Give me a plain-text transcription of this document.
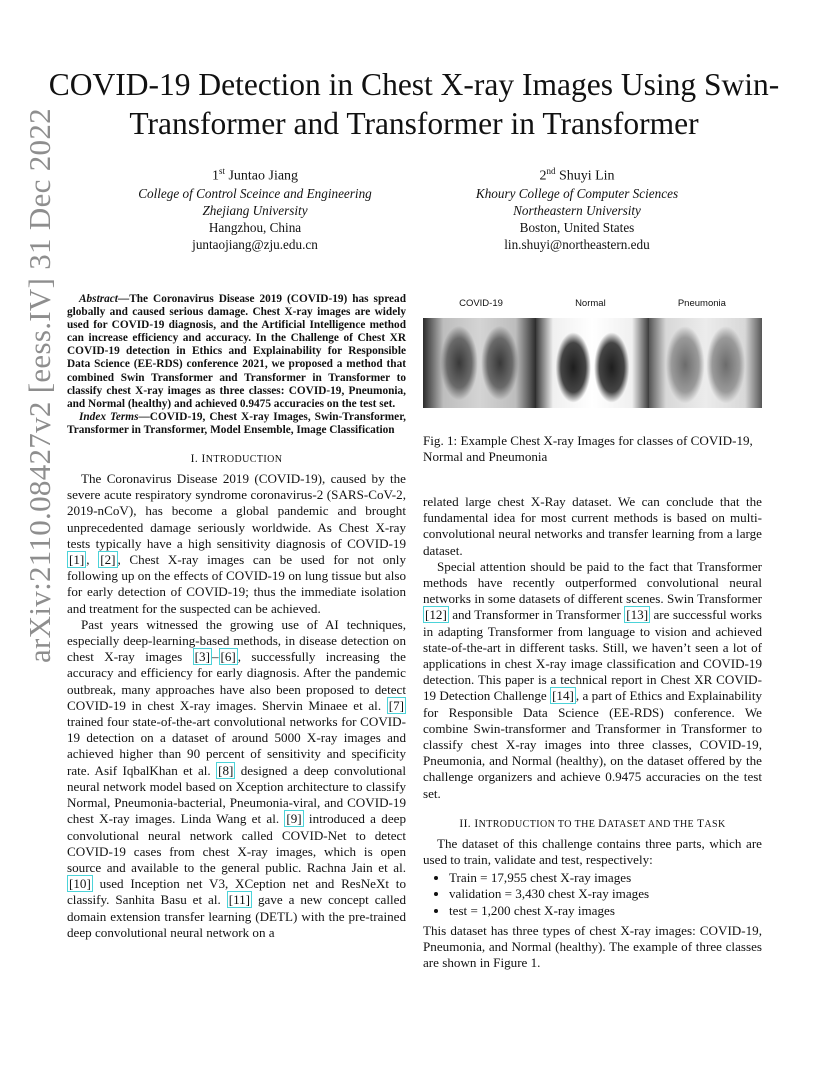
arXiv:2110.08427v2 [eess.IV] 31 Dec 2022
COVID-19 Detection in Chest X-ray Images Using Swin-Transformer and Transformer in Transformer
1st Juntao Jiang
College of Control Sceince and Engineering
Zhejiang University
Hangzhou, China
juntaojiang@zju.edu.cn
2nd Shuyi Lin
Khoury College of Computer Sciences
Northeastern University
Boston, United States
lin.shuyi@northeastern.edu

Abstract—The Coronavirus Disease 2019 (COVID-19) has spread globally and caused serious damage. Chest X-ray images are widely used for COVID-19 diagnosis, and the Artificial Intelligence method can increase efficiency and accuracy. In the Challenge of Chest XR COVID-19 detection in Ethics and Explainability for Responsible Data Science (EE-RDS) conference 2021, we proposed a method that combined Swin Transformer and Transformer in Transformer to classify chest X-ray images as three classes: COVID-19, Pneumonia, and Normal (healthy) and achieved 0.9475 accuracies on the test set.

Index Terms—COVID-19, Chest X-ray Images, Swin-Transformer, Transformer in Transformer, Model Ensemble, Image Classification

I. INTRODUCTION

The Coronavirus Disease 2019 (COVID-19), caused by the severe acute respiratory syndrome coronavirus-2 (SARS-CoV-2, 2019-nCoV), has become a global pandemic and brought unprecedented damage seriously worldwide. As Chest X-ray tests typically have a high sensitivity diagnosis of COVID-19 [1] , [2] , Chest X-ray images can be used for not only following up on the effects of COVID-19 on lung tissue but also for early detection of COVID-19; thus the immediate isolation and treatment for the suspected can be achieved.

Past years witnessed the growing use of AI techniques, especially deep-learning-based methods, in disease detection on chest X-ray images [3] – [6] , successfully increasing the accuracy and efficiency for early diagnosis. After the pandemic outbreak, many approaches have also been proposed to detect COVID-19 in chest X-ray images. Shervin Minaee et al. [7] trained four state-of-the-art convolutional networks for COVID-19 detection on a dataset of around 5000 X-ray images and achieved higher than 90 percent of sensitivity and specificity rate. Asif IqbalKhan et al. [8] designed a deep convolutional neural network model based on Xception architecture to classify Normal, Pneumonia-bacterial, Pneumonia-viral, and COVID-19 chest X-ray images. Linda Wang et al. [9] introduced a deep convolutional neural network called COVID-Net to detect COVID-19 cases from chest X-ray images, which is open source and available to the general public. Rachna Jain et al. [10] used Inception net V3, XCeption net and ResNeXt to classify. Sanhita Basu et al. [11] gave a new concept called domain extension transfer learning (DETL) with the pre-trained deep convolutional neural network on a

COVID-19	Normal	Pneumonia
Fig. 1: Example Chest X-ray Images for classes of COVID-19, Normal and Pneumonia

related large chest X-Ray dataset. We can conclude that the fundamental idea for most current methods is based on multi-convolutional neural networks and transfer learning from a large dataset.

Special attention should be paid to the fact that Transformer methods have recently outperformed convolutional neural networks in some datasets of different scenes. Swin Transformer [12] and Transformer in Transformer [13] are successful works in adapting Transformer from language to vision and achieved state-of-the-art in different tasks. Still, we haven’t seen a lot of applications in chest X-ray image classification and COVID-19 detection. This paper is a technical report in Chest XR COVID-19 Detection Challenge [14] , a part of Ethics and Explainability for Responsible Data Science (EE-RDS) conference. We combine Swin-transformer and Transformer in Transformer to classify chest X-ray images into three classes, COVID-19, Pneumonia, and Normal (healthy), on the dataset offered by the challenge organizers and achieve 0.9475 accuracies on the test set.

II. INTRODUCTION TO THE DATASET AND THE TASK

The dataset of this challenge contains three parts, which are used to train, validate and test, respectively:

• Train = 17,955 chest X-ray images
• validation = 3,430 chest X-ray images
• test = 1,200 chest X-ray images

This dataset has three types of chest X-ray images: COVID-19, Pneumonia, and Normal (healthy). The example of three classes are shown in Figure 1.
